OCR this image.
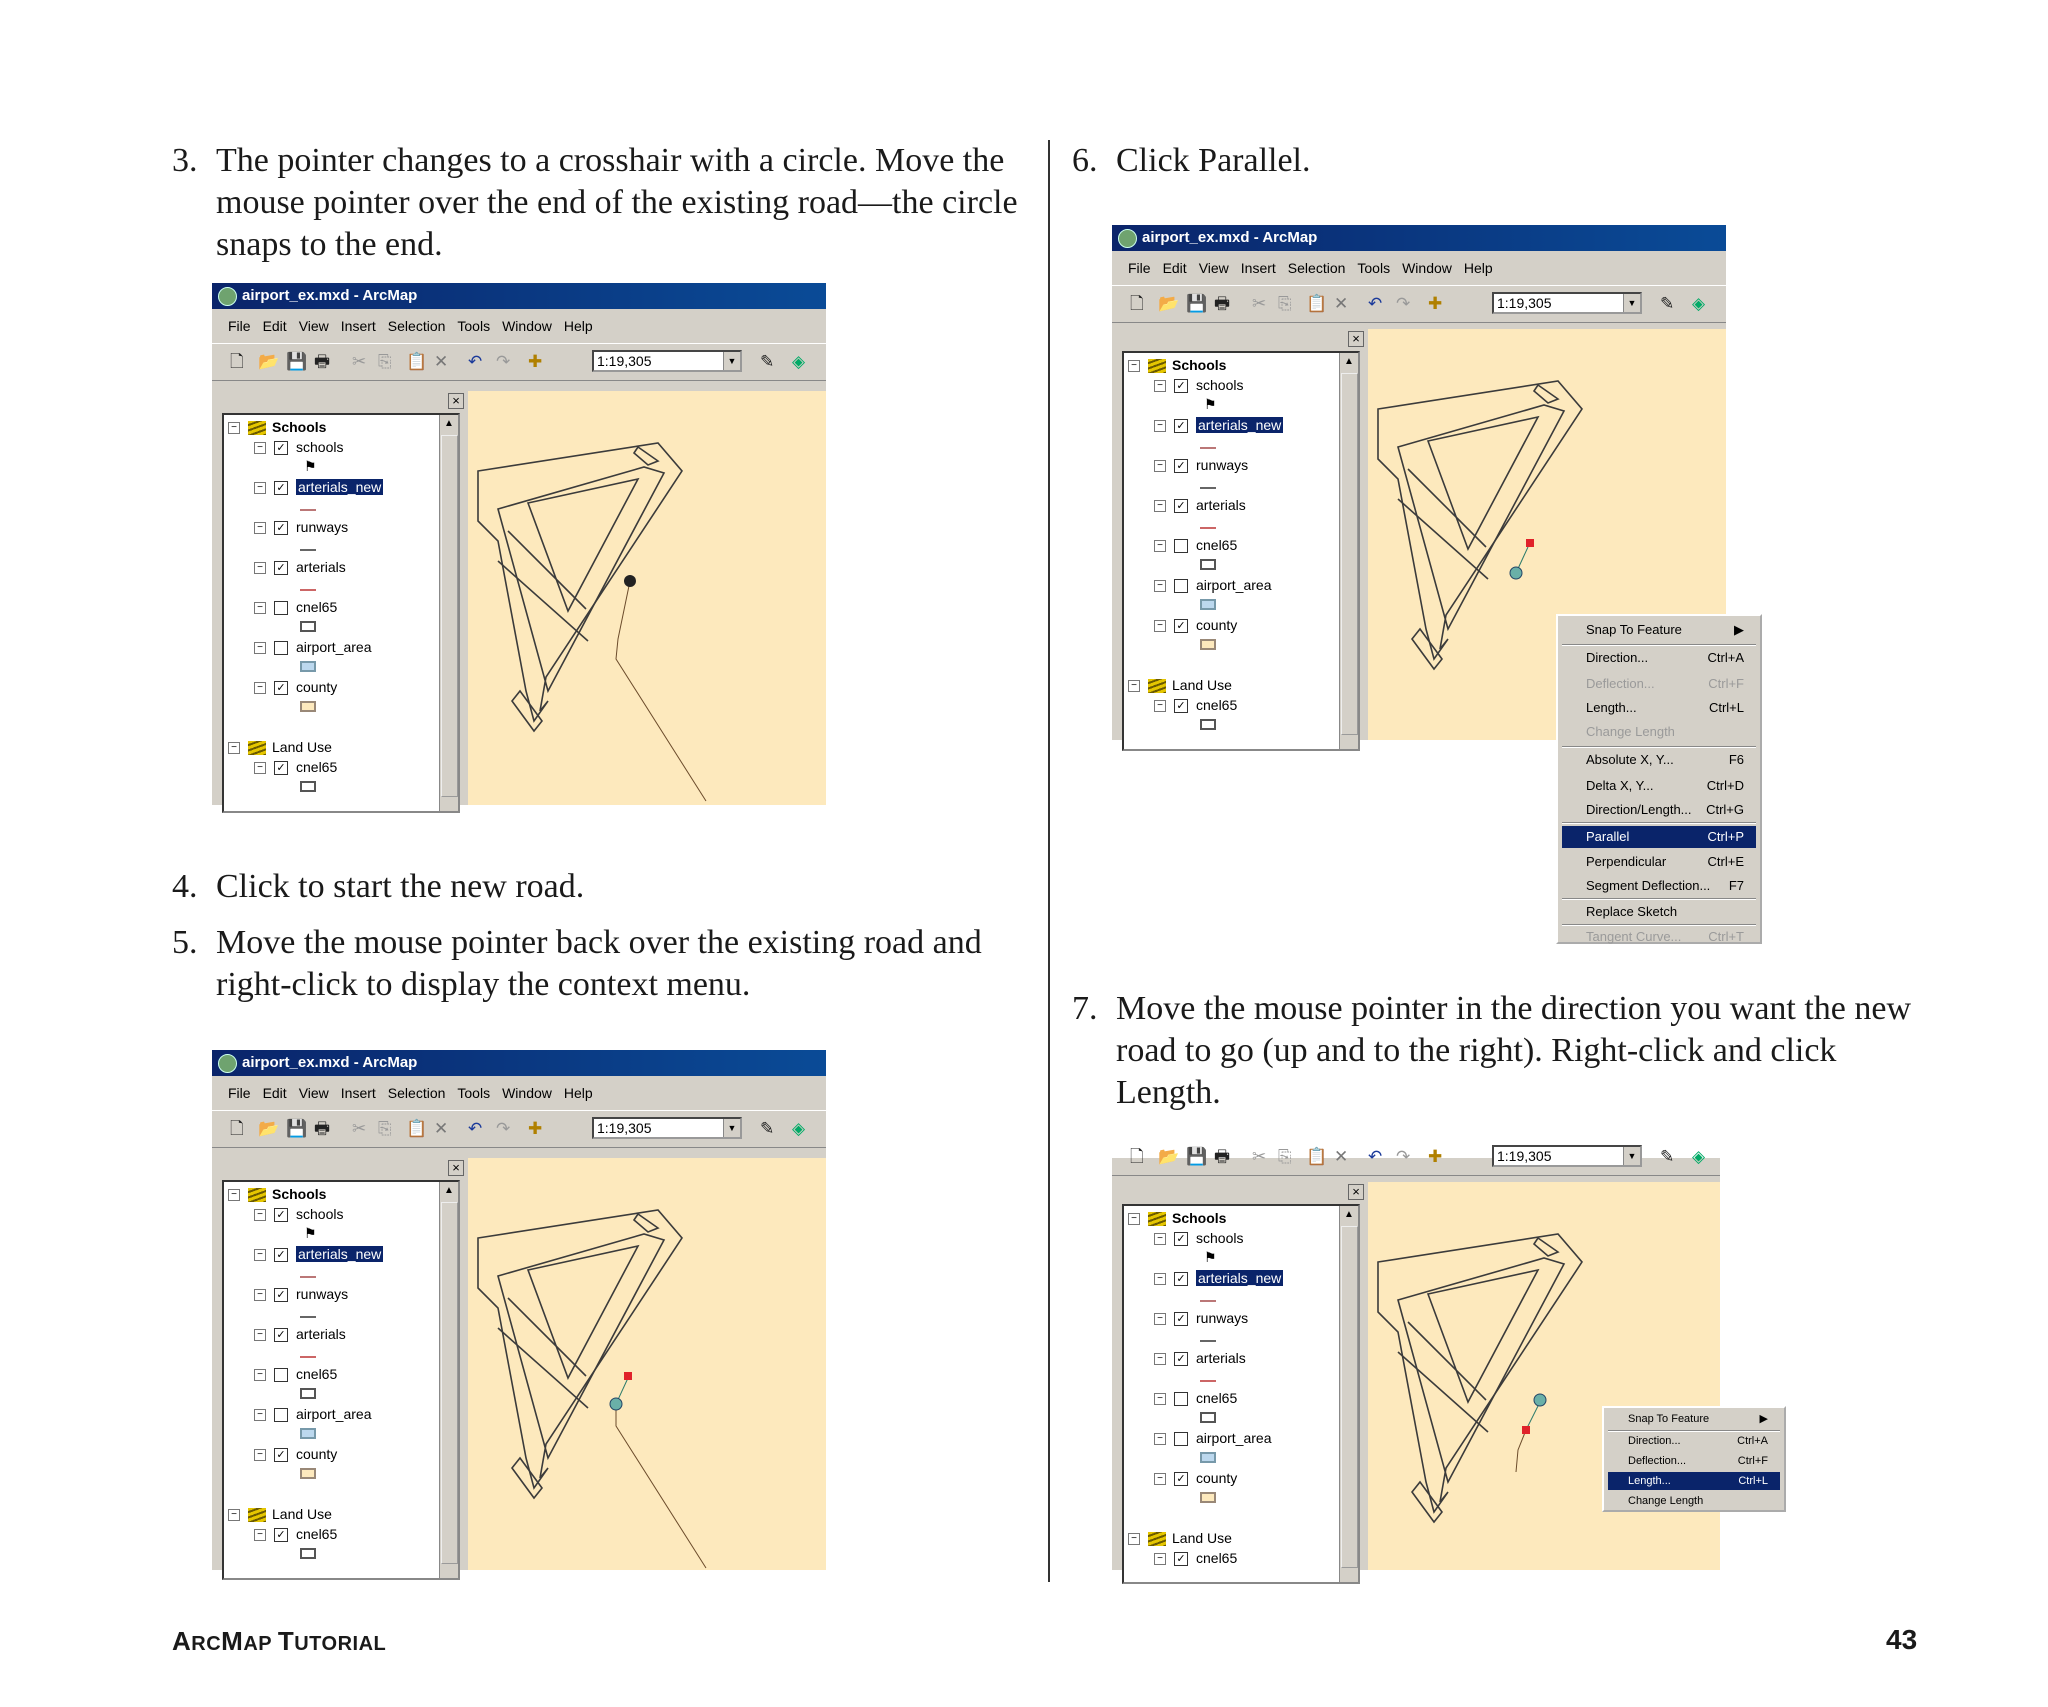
3. The pointer changes to a crosshair with a circle. Move the mouse pointer over the end of the existing road—the circle snaps to the end.
4. Click to start the new road.
5. Move the mouse pointer back over the existing road and right-click to display the context menu.
6. Click Parallel.
7. Move the mouse pointer in the direction you want the new road to go (up and to the right). Right-click and click Length.
airport_ex.mxd - ArcMap
File Edit View Insert Selection Tools Window Help
🗋 📂 💾 🖶 ✂ ⎘ 📋 ✕ ↶ ↷ ✚	1:19,305	▼ ✎ ◈
×
▲
−	Schools
− ✓ schools
⚑
− ✓ arterials_new
− ✓ runways
− ✓ arterials
− cnel65
− airport_area
− ✓ county
−	Land Use
− ✓ cnel65
airport_ex.mxd - ArcMap
File Edit View Insert Selection Tools Window Help
🗋 📂 💾 🖶 ✂ ⎘ 📋 ✕ ↶ ↷ ✚	1:19,305	▼ ✎ ◈
×
▲
−	Schools
− ✓ schools
⚑
− ✓ arterials_new
− ✓ runways
− ✓ arterials
− cnel65
− airport_area
− ✓ county
−	Land Use
− ✓ cnel65
airport_ex.mxd - ArcMap
File Edit View Insert Selection Tools Window Help
🗋 📂 💾 🖶 ✂ ⎘ 📋 ✕ ↶ ↷ ✚	1:19,305	▼ ✎ ◈
×
▲
−	Schools
− ✓ schools
⚑
− ✓ arterials_new
− ✓ runways
− ✓ arterials
− cnel65
− airport_area
− ✓ county
−	Land Use
− ✓ cnel65
Snap To Feature	▶
Direction...	Ctrl+A
Deflection...	Ctrl+F
Length...	Ctrl+L
Change Length
Absolute X, Y...	F6
Delta X, Y...	Ctrl+D
Direction/Length... Ctrl+G
Parallel	Ctrl+P
Perpendicular	Ctrl+E
Segment Deflection... F7
Replace Sketch
Tangent Curve... Ctrl+T
🗋 📂 💾 🖶 ✂ ⎘ 📋 ✕ ↶ ↷ ✚	1:19,305	▼ ✎ ◈
×
▲
−	Schools
− ✓ schools
⚑
− ✓ arterials_new
− ✓ runways
− ✓ arterials
− cnel65
− airport_area
− ✓ county
−	Land Use
− ✓ cnel65
Snap To Feature	▶
Direction...	Ctrl+A
Deflection...	Ctrl+F
Length...	Ctrl+L
Change Length
ARCMAP TUTORIAL	43
